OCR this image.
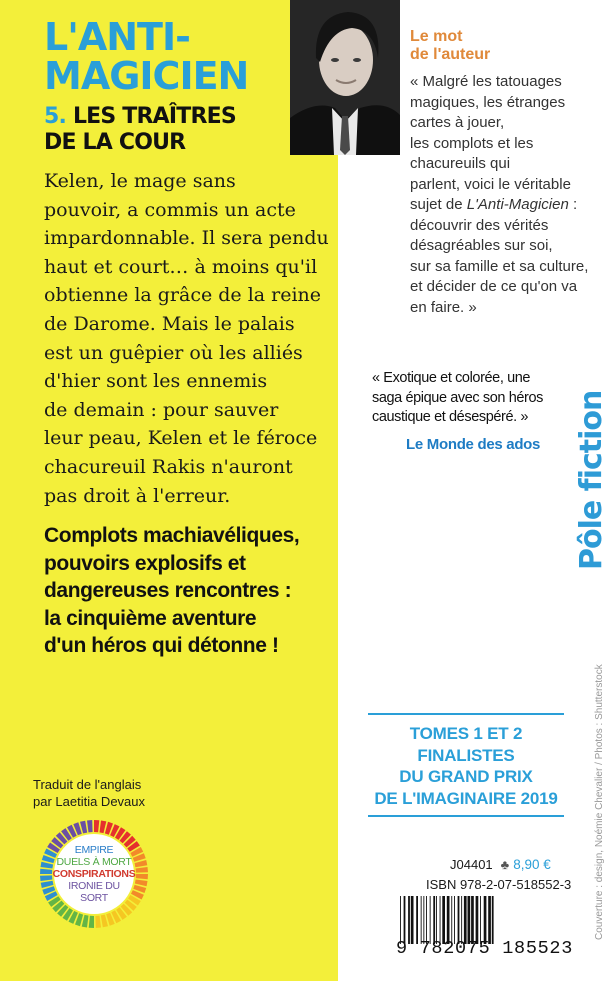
L'ANTI-
MAGICIEN
5. LES TRAÎTRES
DE LA COUR

Kelen, le mage sans
pouvoir, a commis un acte
impardonnable. Il sera pendu
haut et court… à moins qu'il
obtienne la grâce de la reine
de Darome. Mais le palais
est un guêpier où les alliés
d'hier sont les ennemis
de demain : pour sauver
leur peau, Kelen et le féroce
chacureuil Rakis n'auront
pas droit à l'erreur.

Complots machiavéliques,
pouvoirs explosifs et
dangereuses rencontres :
la cinquième aventure
d'un héros qui détonne !

Traduit de l'anglais
par Laetitia Devaux

EMPIRE
DUELS À MORT
CONSPIRATIONS
IRONIE DU
SORT

Le mot
de l'auteur

« Malgré les tatouages
magiques, les étranges
cartes à jouer,
les complots et les
chacureuils qui
parlent, voici le véritable
sujet de L'Anti-Magicien :
découvrir des vérités
désagréables sur soi,
sur sa famille et sa culture,
et décider de ce qu'on va
en faire. »

« Exotique et colorée, une
saga épique avec son héros
caustique et désespéré. »

Le Monde des ados Pôle fiction

TOMES 1 ET 2
FINALISTES
DU GRAND PRIX
DE L'IMAGINAIRE 2019

J04401 ♣ 8,90 €

ISBN 978-2-07-518552-3

9 782075 185523

Couverture : design, Noémie Chevalier / Photos : Shutterstock
